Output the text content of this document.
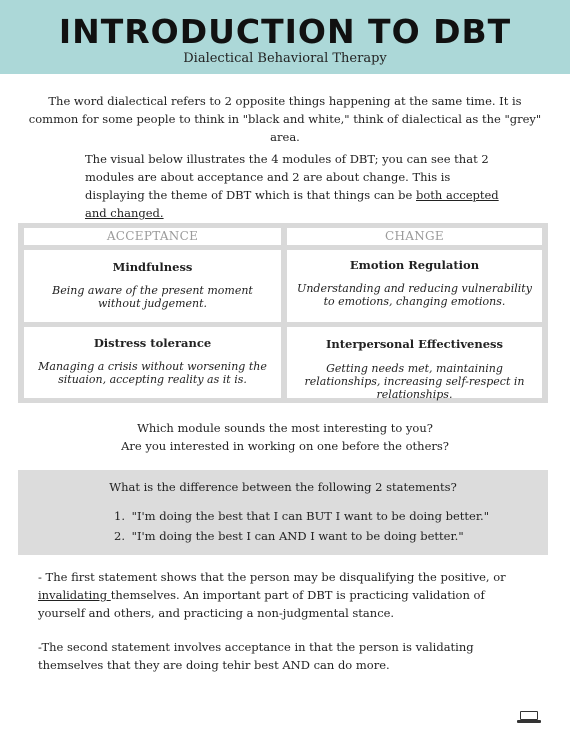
INTRODUCTION TO DBT
Dialectical Behavioral Therapy

The word dialectical refers to 2 opposite things happening at the same time. It is common for some people to think in "black and white," think of dialectical as the "grey" area.

The visual below illustrates the 4 modules of DBT; you can see that 2 modules are about acceptance and 2 are about change. This is displaying the theme of DBT which is that things can be both accepted and changed.

ACCEPTANCE	CHANGE
Mindfulness
Being aware of the present moment without judgement.
Emotion Regulation
Understanding and reducing vulnerability to emotions, changing emotions.
Distress tolerance
Managing a crisis without worsening the situaion, accepting reality as it is.
Interpersonal Effectiveness
Getting needs met, maintaining relationships, increasing self-respect in relationships.
Which module sounds the most interesting to you?
Are you interested in working on one before the others?
What is the difference between the following 2 statements?
1. "I'm doing the best that I can BUT I want to be doing better."
2. "I'm doing the best I can AND I want to be doing better."

- The first statement shows that the person may be disqualifying the positive, or invalidating themselves. An important part of DBT is practicing validation of yourself and others, and practicing a non-judgmental stance.

-The second statement involves acceptance in that the person is validating themselves that they are doing tehir best AND can do more.
